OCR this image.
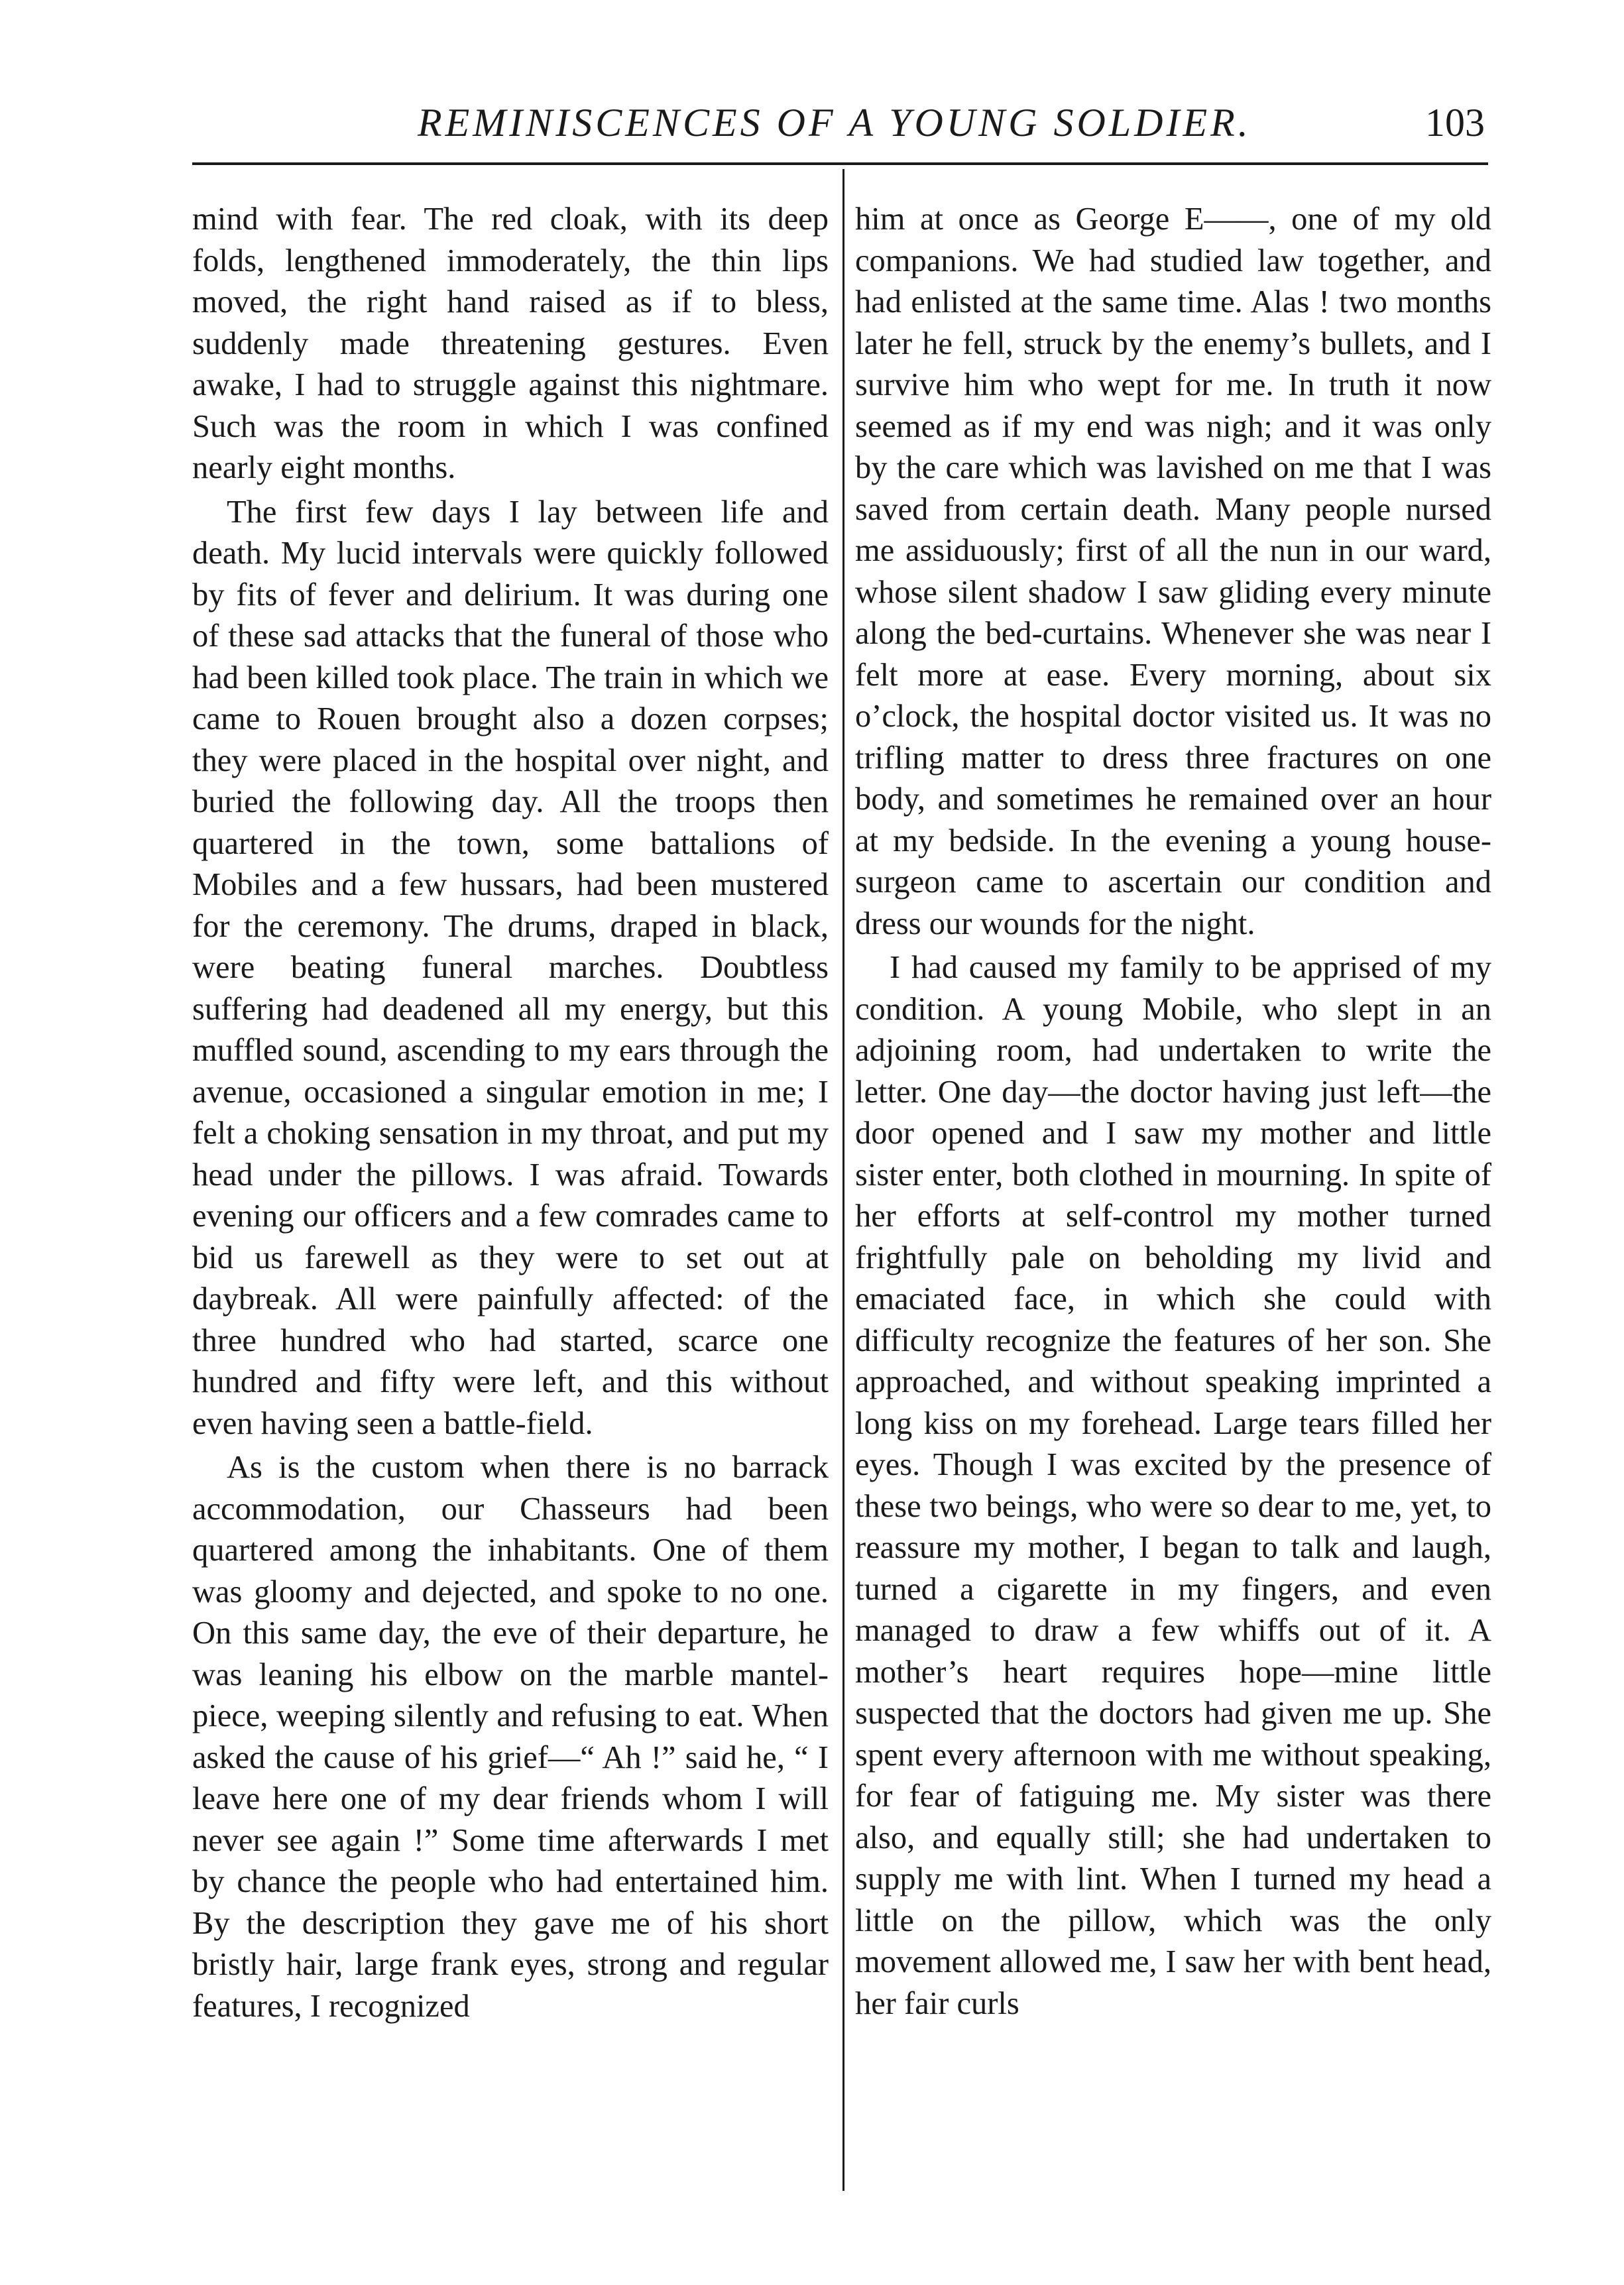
REMINISCENCES OF A YOUNG SOLDIER.	103

mind with fear. The red cloak, with its deep folds, lengthened immoderately, the thin lips moved, the right hand raised as if to bless, suddenly made threatening gestures. Even awake, I had to struggle against this nightmare. Such was the room in which I was confined nearly eight months.

The first few days I lay between life and death. My lucid intervals were quickly followed by fits of fever and delirium. It was during one of these sad attacks that the funeral of those who had been killed took place. The train in which we came to Rouen brought also a dozen corpses; they were placed in the hospital over night, and buried the following day. All the troops then quartered in the town, some battalions of Mobiles and a few hussars, had been mustered for the ceremony. The drums, draped in black, were beating funeral marches. Doubtless suffering had deadened all my energy, but this muffled sound, ascending to my ears through the avenue, occasioned a singular emotion in me; I felt a choking sensation in my throat, and put my head under the pillows. I was afraid. Towards evening our officers and a few comrades came to bid us farewell as they were to set out at daybreak. All were painfully affected: of the three hundred who had started, scarce one hundred and fifty were left, and this without even having seen a battle-field.

As is the custom when there is no barrack accommodation, our Chasseurs had been quartered among the inhabitants. One of them was gloomy and dejected, and spoke to no one. On this same day, the eve of their departure, he was leaning his elbow on the marble mantel-piece, weeping silently and refusing to eat. When asked the cause of his grief—“ Ah !” said he, “ I leave here one of my dear friends whom I will never see again !” Some time afterwards I met by chance the people who had entertained him. By the description they gave me of his short bristly hair, large frank eyes, strong and regular features, I recognized

him at once as George E——, one of my old companions. We had studied law together, and had enlisted at the same time. Alas ! two months later he fell, struck by the enemy’s bullets, and I survive him who wept for me. In truth it now seemed as if my end was nigh; and it was only by the care which was lavished on me that I was saved from certain death. Many people nursed me assiduously; first of all the nun in our ward, whose silent shadow I saw gliding every minute along the bed-curtains. Whenever she was near I felt more at ease. Every morning, about six o’clock, the hospital doctor visited us. It was no trifling matter to dress three fractures on one body, and sometimes he remained over an hour at my bedside. In the evening a young house-surgeon came to ascertain our condition and dress our wounds for the night.

I had caused my family to be apprised of my condition. A young Mobile, who slept in an adjoining room, had undertaken to write the letter. One day—the doctor having just left—the door opened and I saw my mother and little sister enter, both clothed in mourning. In spite of her efforts at self-control my mother turned frightfully pale on beholding my livid and emaciated face, in which she could with difficulty recognize the features of her son. She approached, and without speaking imprinted a long kiss on my forehead. Large tears filled her eyes. Though I was excited by the presence of these two beings, who were so dear to me, yet, to reassure my mother, I began to talk and laugh, turned a cigarette in my fingers, and even managed to draw a few whiffs out of it. A mother’s heart requires hope—mine little suspected that the doctors had given me up. She spent every afternoon with me without speaking, for fear of fatiguing me. My sister was there also, and equally still; she had undertaken to supply me with lint. When I turned my head a little on the pillow, which was the only movement allowed me, I saw her with bent head, her fair curls
